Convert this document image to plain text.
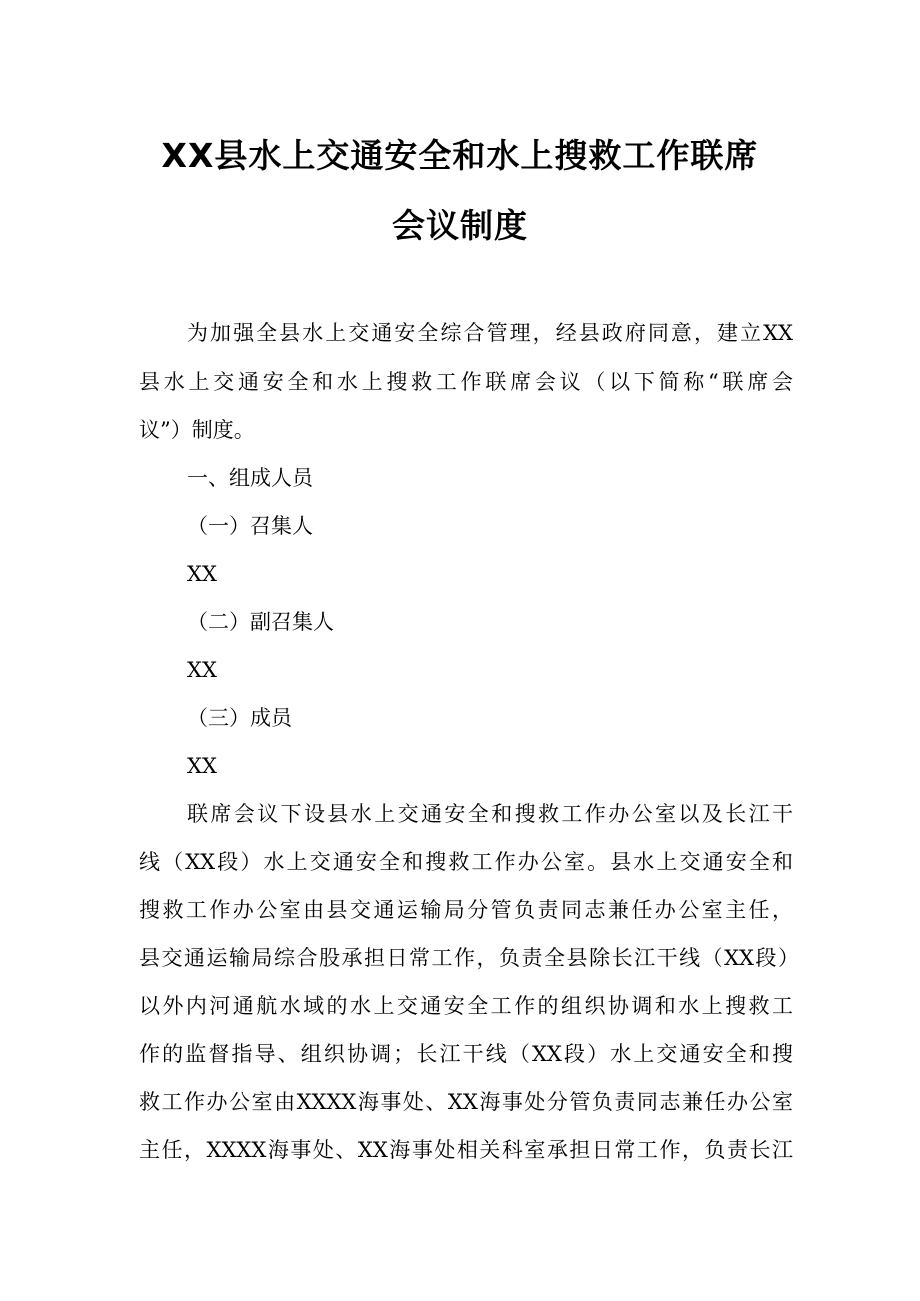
XX县水上交通安全和水上搜救工作联席
会议制度
为加强全县水上交通安全综合管理，经县政府同意，建立XX
县水上交通安全和水上搜救工作联席会议（以下简称“联席会
议”）制度。
一、组成人员
（一）召集人
XX
（二）副召集人
XX
（三）成员
XX
联席会议下设县水上交通安全和搜救工作办公室以及长江干
线（XX段）水上交通安全和搜救工作办公室。县水上交通安全和
搜救工作办公室由县交通运输局分管负责同志兼任办公室主任，
县交通运输局综合股承担日常工作，负责全县除长江干线（XX段）
以外内河通航水域的水上交通安全工作的组织协调和水上搜救工
作的监督指导、组织协调；长江干线（XX段）水上交通安全和搜
救工作办公室由XXXX海事处、XX海事处分管负责同志兼任办公室
主任，XXXX海事处、XX海事处相关科室承担日常工作，负责长江
